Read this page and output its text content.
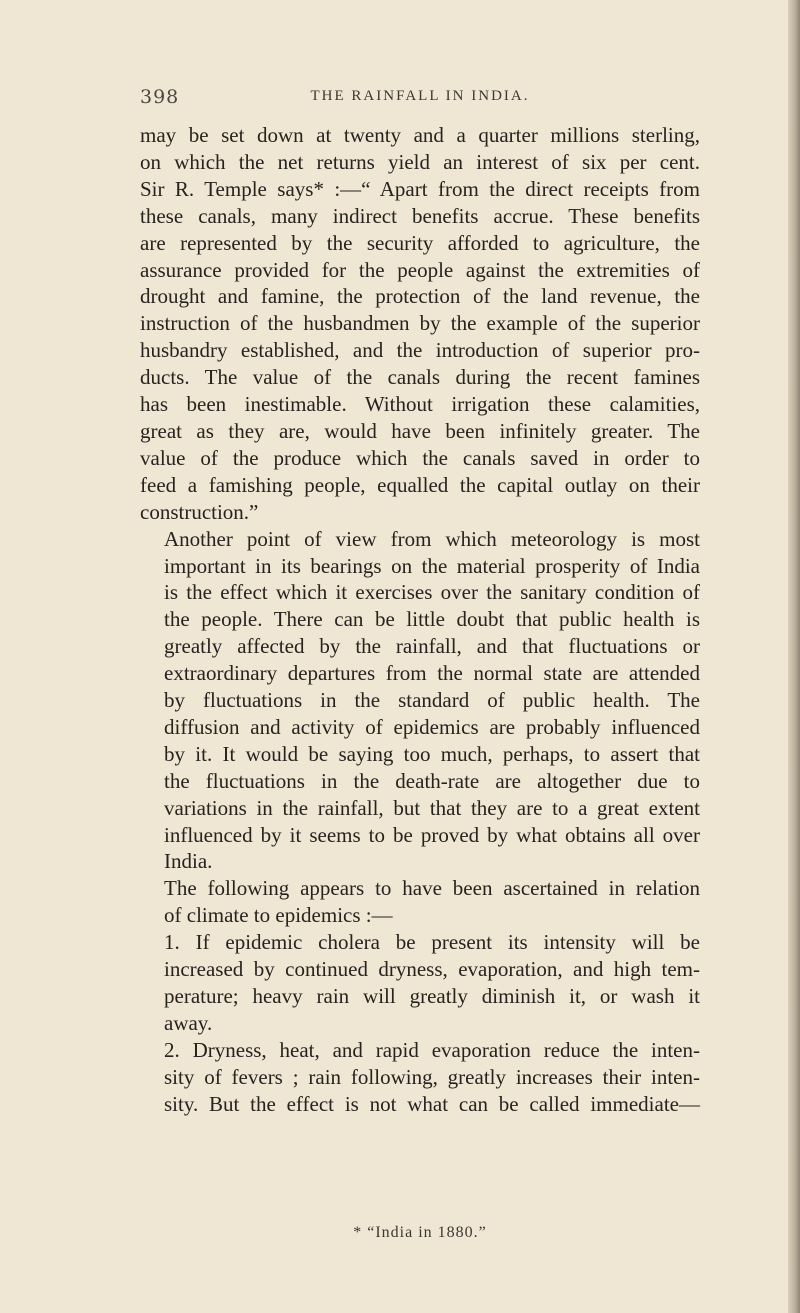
398	THE RAINFALL IN INDIA.
may be set down at twenty and a quarter millions sterling,
on which the net returns yield an interest of six per cent.
Sir R. Temple says* :—“ Apart from the direct receipts from
these canals, many indirect benefits accrue. These benefits
are represented by the security afforded to agriculture, the
assurance provided for the people against the extremities of
drought and famine, the protection of the land revenue, the
instruction of the husbandmen by the example of the superior
husbandry established, and the introduction of superior pro-
ducts. The value of the canals during the recent famines
has been inestimable. Without irrigation these calamities,
great as they are, would have been infinitely greater. The
value of the produce which the canals saved in order to
feed a famishing people, equalled the capital outlay on their
construction.”
Another point of view from which meteorology is most
important in its bearings on the material prosperity of India
is the effect which it exercises over the sanitary condition of
the people. There can be little doubt that public health is
greatly affected by the rainfall, and that fluctuations or
extraordinary departures from the normal state are attended
by fluctuations in the standard of public health. The
diffusion and activity of epidemics are probably influenced
by it. It would be saying too much, perhaps, to assert that
the fluctuations in the death-rate are altogether due to
variations in the rainfall, but that they are to a great extent
influenced by it seems to be proved by what obtains all over
India.
The following appears to have been ascertained in relation
of climate to epidemics :—
1. If epidemic cholera be present its intensity will be
increased by continued dryness, evaporation, and high tem-
perature; heavy rain will greatly diminish it, or wash it
away.
2. Dryness, heat, and rapid evaporation reduce the inten-
sity of fevers ; rain following, greatly increases their inten-
sity. But the effect is not what can be called immediate—
* “India in 1880.”
